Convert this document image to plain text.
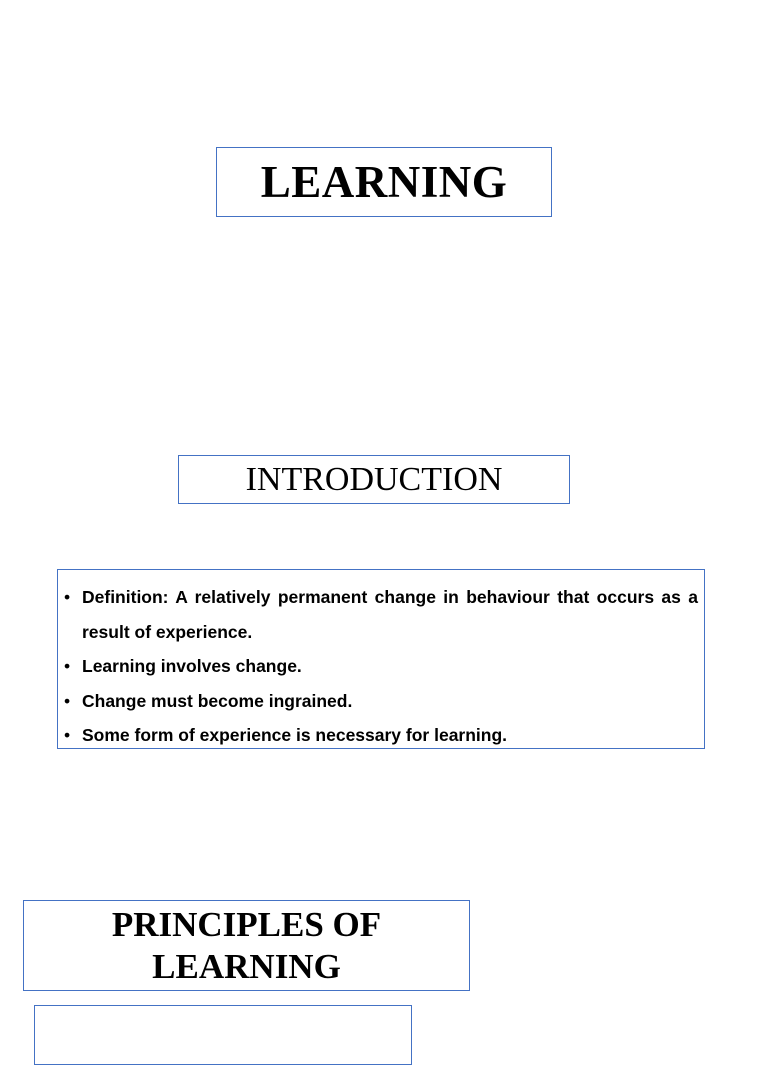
LEARNING
INTRODUCTION
• Definition: A relatively permanent change in behaviour that occurs as a result of experience.
• Learning involves change.
• Change must become ingrained.
• Some form of experience is necessary for learning.
PRINCIPLES OF
LEARNING
